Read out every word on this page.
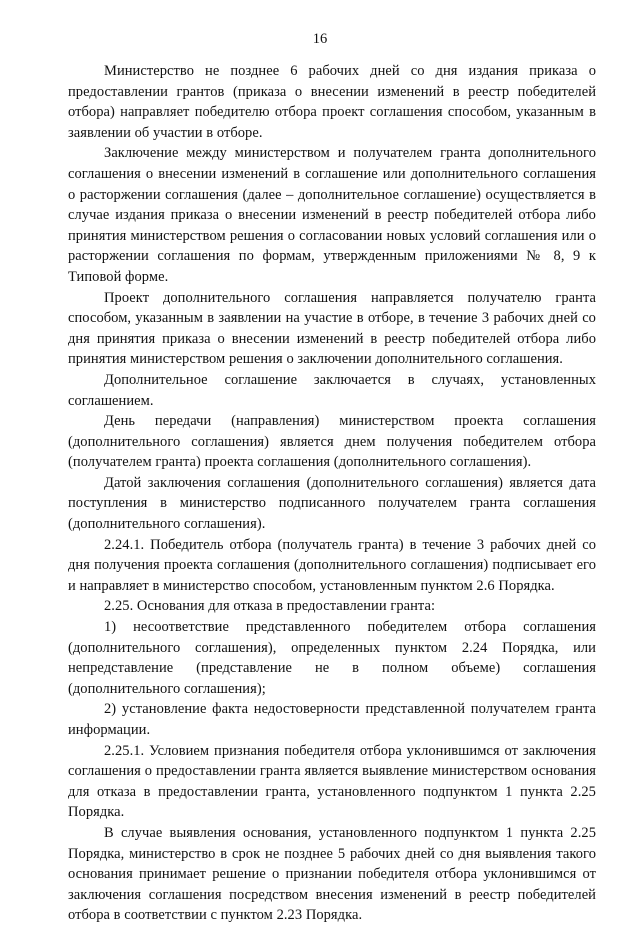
16

Министерство не позднее 6 рабочих дней со дня издания приказа о предоставлении грантов (приказа о внесении изменений в реестр победителей отбора) направляет победителю отбора проект соглашения способом, указанным в заявлении об участии в отборе.

Заключение между министерством и получателем гранта дополнительного соглашения о внесении изменений в соглашение или дополнительного соглашения о расторжении соглашения (далее – дополнительное соглашение) осуществляется в случае издания приказа о внесении изменений в реестр победителей отбора либо принятия министерством решения о согласовании новых условий соглашения или о расторжении соглашения по формам, утвержденным приложениями № 8, 9 к Типовой форме.

Проект дополнительного соглашения направляется получателю гранта способом, указанным в заявлении на участие в отборе, в течение 3 рабочих дней со дня принятия приказа о внесении изменений в реестр победителей отбора либо принятия министерством решения о заключении дополнительного соглашения.

Дополнительное соглашение заключается в случаях, установленных соглашением.

День передачи (направления) министерством проекта соглашения (дополнительного соглашения) является днем получения победителем отбора (получателем гранта) проекта соглашения (дополнительного соглашения).

Датой заключения соглашения (дополнительного соглашения) является дата поступления в министерство подписанного получателем гранта соглашения (дополнительного соглашения).

2.24.1. Победитель отбора (получатель гранта) в течение 3 рабочих дней со дня получения проекта соглашения (дополнительного соглашения) подписывает его и направляет в министерство способом, установленным пунктом 2.6 Порядка.

2.25. Основания для отказа в предоставлении гранта:

1) несоответствие представленного победителем отбора соглашения (дополнительного соглашения), определенных пунктом 2.24 Порядка, или непредставление (представление не в полном объеме) соглашения (дополнительного соглашения);

2) установление факта недостоверности представленной получателем гранта информации.

2.25.1. Условием признания победителя отбора уклонившимся от заключения соглашения о предоставлении гранта является выявление министерством основания для отказа в предоставлении гранта, установленного подпунктом 1 пункта 2.25 Порядка.

В случае выявления основания, установленного подпунктом 1 пункта 2.25 Порядка, министерство в срок не позднее 5 рабочих дней со дня выявления такого основания принимает решение о признании победителя отбора уклонившимся от заключения соглашения посредством внесения изменений в реестр победителей отбора в соответствии с пунктом 2.23 Порядка.
